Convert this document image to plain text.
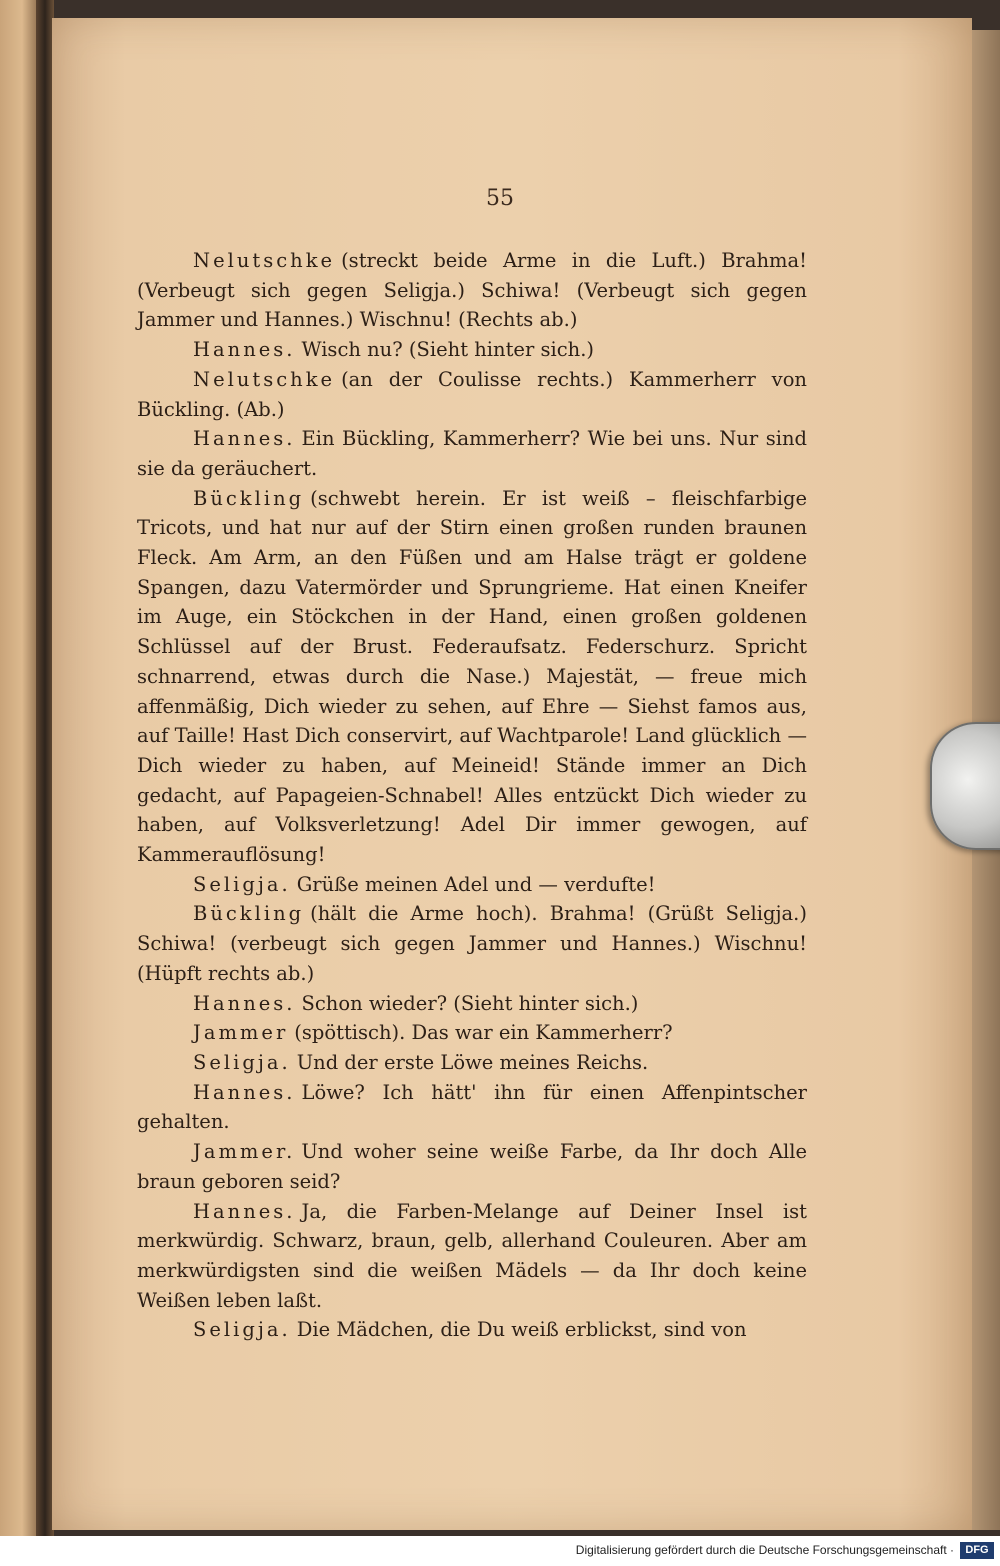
55

Nelutschke (streckt beide Arme in die Luft.) Brahma! (Verbeugt sich gegen Seligja.) Schiwa! (Verbeugt sich gegen Jammer und Hannes.) Wischnu! (Rechts ab.)

Hannes. Wisch nu? (Sieht hinter sich.)

Nelutschke (an der Coulisse rechts.) Kammerherr von Bückling. (Ab.)

Hannes. Ein Bückling, Kammerherr? Wie bei uns. Nur sind sie da geräuchert.

Bückling (schwebt herein. Er ist weiß – fleischfarbige Tricots, und hat nur auf der Stirn einen großen runden braunen Fleck. Am Arm, an den Füßen und am Halse trägt er goldene Spangen, dazu Vatermörder und Sprungrieme. Hat einen Kneifer im Auge, ein Stöckchen in der Hand, einen großen goldenen Schlüssel auf der Brust. Federaufsatz. Federschurz. Spricht schnarrend, etwas durch die Nase.) Majestät, — freue mich affenmäßig, Dich wieder zu sehen, auf Ehre — Siehst famos aus, auf Taille! Hast Dich conservirt, auf Wachtparole! Land glücklich — Dich wieder zu haben, auf Meineid! Stände immer an Dich gedacht, auf Papageien-Schnabel! Alles entzückt Dich wieder zu haben, auf Volksverletzung! Adel Dir immer gewogen, auf Kammerauflösung!

Seligja. Grüße meinen Adel und — verdufte!

Bückling (hält die Arme hoch). Brahma! (Grüßt Seligja.) Schiwa! (verbeugt sich gegen Jammer und Hannes.) Wischnu! (Hüpft rechts ab.)

Hannes. Schon wieder? (Sieht hinter sich.)

Jammer (spöttisch). Das war ein Kammerherr?

Seligja. Und der erste Löwe meines Reichs.

Hannes. Löwe? Ich hätt' ihn für einen Affenpintscher gehalten.

Jammer. Und woher seine weiße Farbe, da Ihr doch Alle braun geboren seid?

Hannes. Ja, die Farben-Melange auf Deiner Insel ist merkwürdig. Schwarz, braun, gelb, allerhand Couleuren. Aber am merkwürdigsten sind die weißen Mädels — da Ihr doch keine Weißen leben laßt.

Seligja. Die Mädchen, die Du weiß erblickst, sind von

Digitalisierung gefördert durch die Deutsche Forschungsgemeinschaft ·	DFG
